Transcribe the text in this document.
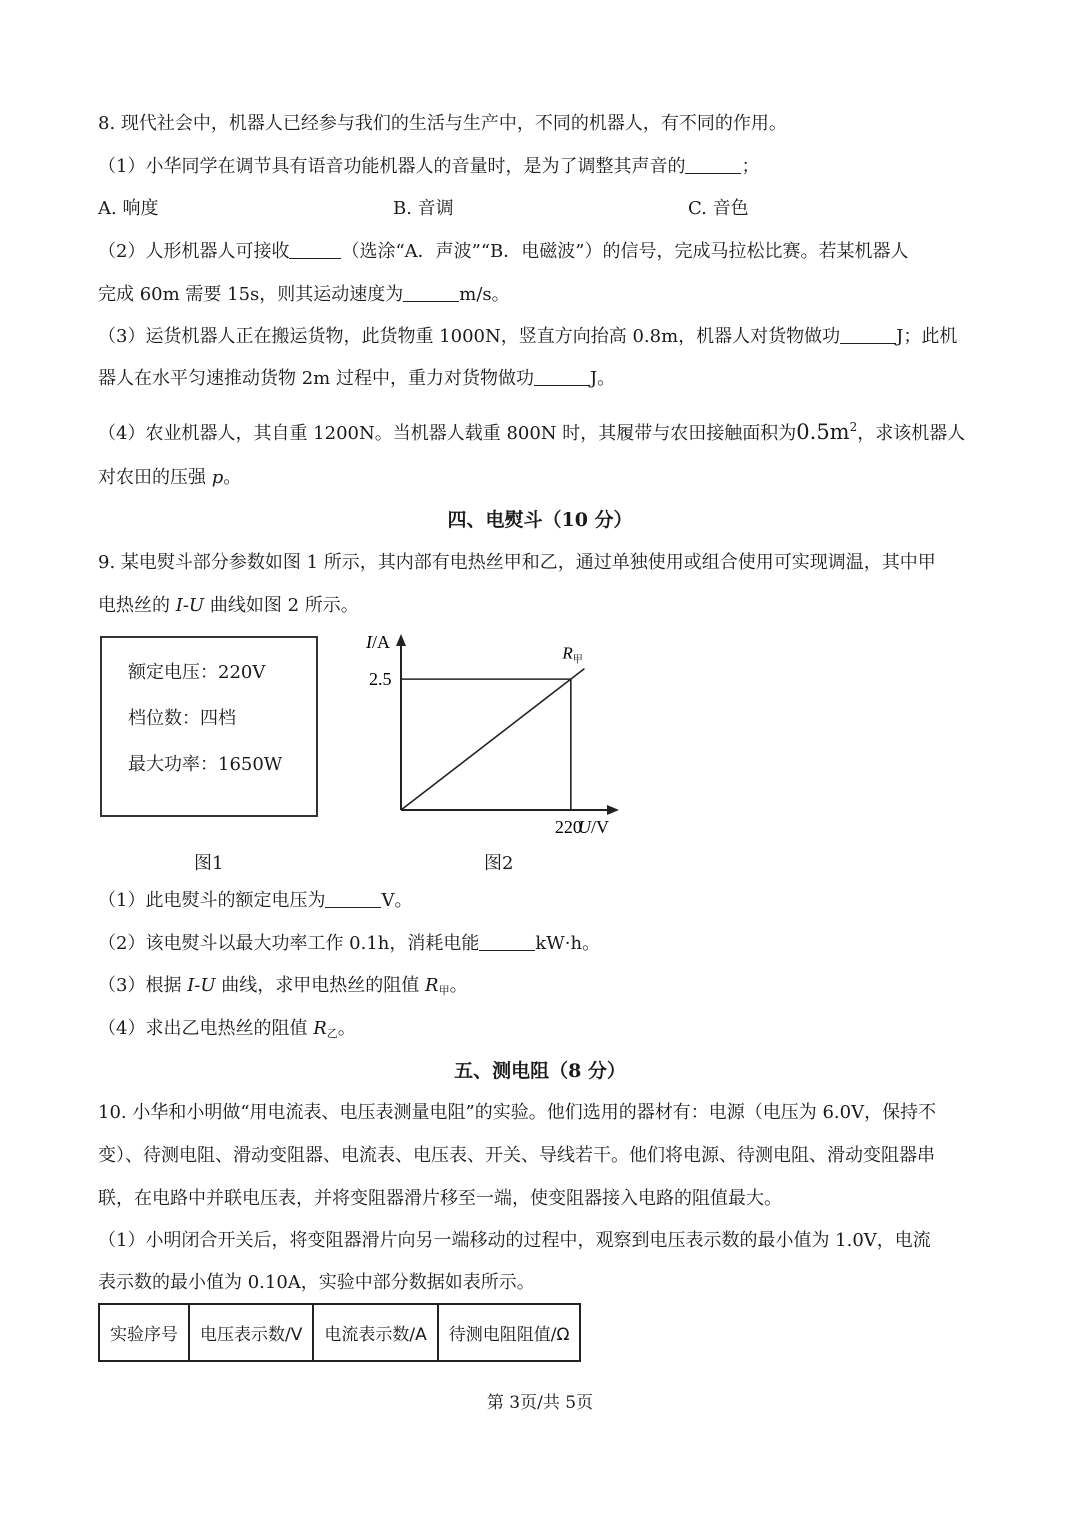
8. 现代社会中，机器人已经参与我们的生活与生产中，不同的机器人，有不同的作用。
（1）小华同学在调节具有语音功能机器人的音量时，是为了调整其声音的	；
A. 响度	B. 音调	C. 音色
（2）人形机器人可接收	（选涂“A．声波”“B．电磁波”）的信号，完成马拉松比赛。若某机器人
完成 60m 需要 15s，则其运动速度为	m/s。
（3）运货机器人正在搬运货物，此货物重 1000N，竖直方向抬高 0.8m，机器人对货物做功	J；此机
器人在水平匀速推动货物 2m 过程中，重力对货物做功	J。
（4）农业机器人，其自重 1200N。当机器人载重 800N 时，其履带与农田接触面积为$0.5m^2$，求该机器人
对农田的压强 p。
四、电熨斗（10 分）
9. 某电熨斗部分参数如图 1 所示，其内部有电热丝甲和乙，通过单独使用或组合使用可实现调温，其中甲
电热丝的 I-U 曲线如图 2 所示。
额定电压：220V
档位数：四档
最大功率：1650W
图1
I/A
U/V
2.5
220
$R_甲$
图2
（1）此电熨斗的额定电压为	V。
（2）该电熨斗以最大功率工作 0.1h，消耗电能	kW·h。
（3）根据 I-U 曲线，求甲电热丝的阻值 $R_甲$。
（4）求出乙电热丝的阻值 $R_乙$。
五、测电阻（8 分）
10. 小华和小明做“用电流表、电压表测量电阻”的实验。他们选用的器材有：电源（电压为 6.0V，保持不
变）、待测电阻、滑动变阻器、电流表、电压表、开关、导线若干。他们将电源、待测电阻、滑动变阻器串
联，在电路中并联电压表，并将变阻器滑片移至一端，使变阻器接入电路的阻值最大。
（1）小明闭合开关后，将变阻器滑片向另一端移动的过程中，观察到电压表示数的最小值为 1.0V，电流
表示数的最小值为 0.10A，实验中部分数据如表所示。
实验序号	电压表示数/V	电流表示数/A	待测电阻阻值/Ω
第 3页/共 5页
